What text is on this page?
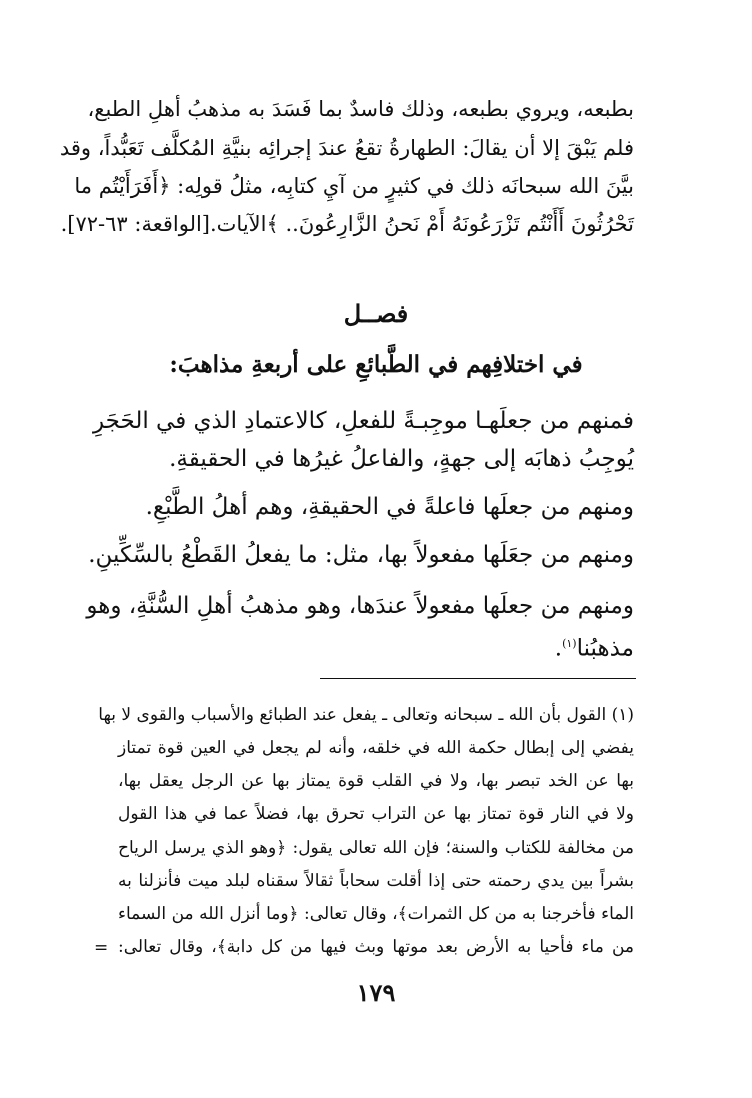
بطبعه، ويروي بطبعه، وذلك فاسدٌ بما فَسَدَ به مذهبُ أهلِ الطبع،
فلم يَبْقَ إلا أن يقالَ: الطهارةُ تقعُ عندَ إجرائِه بنيَّةِ المُكلَّف تَعَبُّداً، وقد
بيَّنَ الله سبحانَه ذلك في كثيرٍ من آيِ كتابِه، مثلُ قولِه: ﴿أَفَرَأَيْتُم ما
تَحْرُثُونَ أَأَنْتُم تَزْرَعُونَهُ أَمْ نَحنُ الزَّارِعُونَ.. ﴾الآيات.[الواقعة: ٦٣-٧٢].
فصــل
في اختلافِهم في الطَّبائعِ على أربعةِ مذاهبَ:
فمنهم من جعلَهـا موجِبـةً للفعلِ، كالاعتمادِ الذي في الحَجَرِ
يُوجِبُ ذهابَه إلى جهةٍ، والفاعلُ غيرُها في الحقيقةِ.
ومنهم من جعلَها فاعلةً في الحقيقةِ، وهم أهلُ الطَّبْعِ.
ومنهم من جعَلَها مفعولاً بها، مثل: ما يفعلُ القَطْعُ بالسِّكِّينِ.
ومنهم من جعلَها مفعولاً عندَها، وهو مذهبُ أهلِ السُّنَّةِ، وهو
مذهبُنا$^{(١)}$.
(١) القول بأن الله ـ سبحانه وتعالى ـ يفعل عند الطبائع والأسباب والقوى لا بها
يفضي إلى إبطال حكمة الله في خلقه، وأنه لم يجعل في العين قوة تمتاز
بها عن الخد تبصر بها، ولا في القلب قوة يمتاز بها عن الرجل يعقل بها،
ولا في النار قوة تمتاز بها عن التراب تحرق بها، فضلاً عما في هذا القول
من مخالفة للكتاب والسنة؛ فإن الله تعالى يقول: ﴿وهو الذي يرسل الرياح
بشراً بين يدي رحمته حتى إذا أقلت سحاباً ثقالاً سقناه لبلد ميت فأنزلنا به
الماء فأخرجنا به من كل الثمرات﴾، وقال تعالى: ﴿وما أنزل الله من السماء
من ماء فأحيا به الأرض بعد موتها وبث فيها من كل دابة﴾، وقال تعالى:
=
١٧٩
